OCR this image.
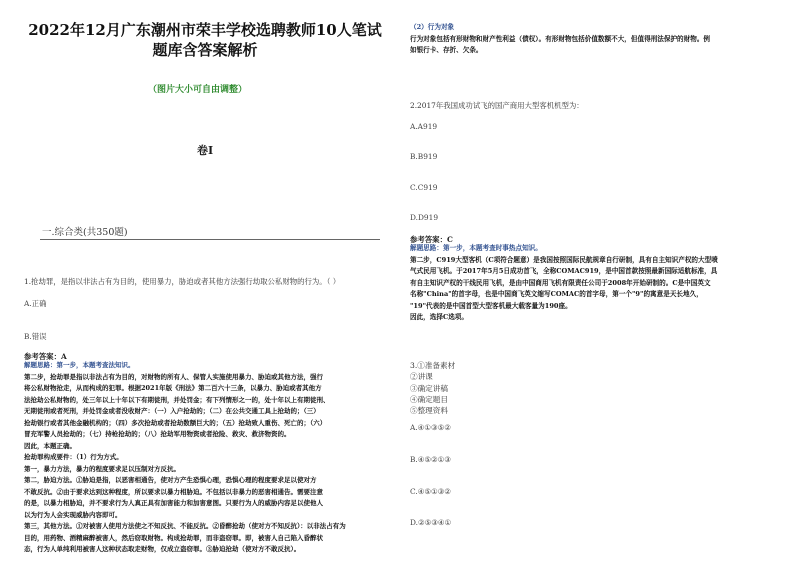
2022年12月广东潮州市荣丰学校选聘教师10人笔试
题库含答案解析
（图片大小可自由调整）
卷I
一.综合类(共350题)
1.抢劫罪，是指以非法占有为目的，使用暴力，胁迫或者其他方法强行劫取公私财物的行为。（ ）
A.正确
B.错误
参考答案：A
解题思路：第一步，本题考查法知识。
第二步，抢劫罪是指以非法占有为目的，对财物的所有人、保管人实施使用暴力、胁迫或其他方法，强行
将公私财物抢走，从而构成的犯罪。根据2021年版《刑法》第二百六十三条，以暴力、胁迫或者其他方
法抢劫公私财物的，处三年以上十年以下有期徒刑，并处罚金；有下列情形之一的，处十年以上有期徒刑、
无期徒刑或者死刑，并处罚金或者没收财产：（一）入户抢劫的；（二）在公共交通工具上抢劫的；（三）
抢劫银行或者其他金融机构的；（四）多次抢劫或者抢劫数额巨大的；（五）抢劫致人重伤、死亡的；（六）
冒充军警人员抢劫的；（七）持枪抢劫的；（八）抢劫军用物资或者抢险、救灾、救济物资的。
因此，本题正确。
抢劫罪构成要件：（1）行为方式。
第一，暴力方法，暴力的程度要求足以压制对方反抗。
第二，胁迫方法。①胁迫是指，以恶害相通告，使对方产生恐惧心理，恐惧心理的程度要求足以使对方
不敢反抗。②由于要求达到这种程度，所以要求以暴力相胁迫。不包括以非暴力的恶害相通告。需要注意
的是，以暴力相胁迫，并不要求行为人真正具有加害能力和加害意图。只要行为人的威胁内容足以使他人
以为行为人会实现威胁内容即可。
第三，其他方法。①对被害人使用方法使之不知反抗、不能反抗。②昏醉抢劫（使对方不知反抗）：以非法占有为
目的，用药物、酒精麻醉被害人，然后窃取财物。构成抢劫罪，而非盗窃罪。即，被害人自己陷入昏醉状
态，行为人单纯利用被害人这种状态取走财物，仅成立盗窃罪。③胁迫抢劫（使对方不敢反抗）。
（2）行为对象
行为对象包括有形财物和财产性利益（债权）。有形财物包括价值数额不大，但值得刑法保护的财物。例
如银行卡、存折、欠条。
2.2017年我国成功试飞的国产商用大型客机机型为：
A.A919
B.B919
C.C919
D.D919
参考答案：C
解题思路：第一步，本题考查时事热点知识。
第二步，C919大型客机（C项符合题意）是我国按照国际民航规章自行研制，具有自主知识产权的大型喷
气式民用飞机。于2017年5月5日成功首飞，全称COMAC919，是中国首款按照最新国际适航标准，具
有自主知识产权的干线民用飞机，是由中国商用飞机有限责任公司于2008年开始研制的。C是中国英文
名称"China"的首字母，也是中国商飞英文缩写COMAC的首字母，第一个"9"的寓意是天长地久，
"19"代表的是中国首型大型客机最大载客量为190座。
因此，选择C选项。
3.①准备素材
②讲课
③确定讲稿
④确定题目
⑤整理资料
A.④①③⑤②
B.④⑤②①③
C.④⑤①③②
D.②⑤③④①
